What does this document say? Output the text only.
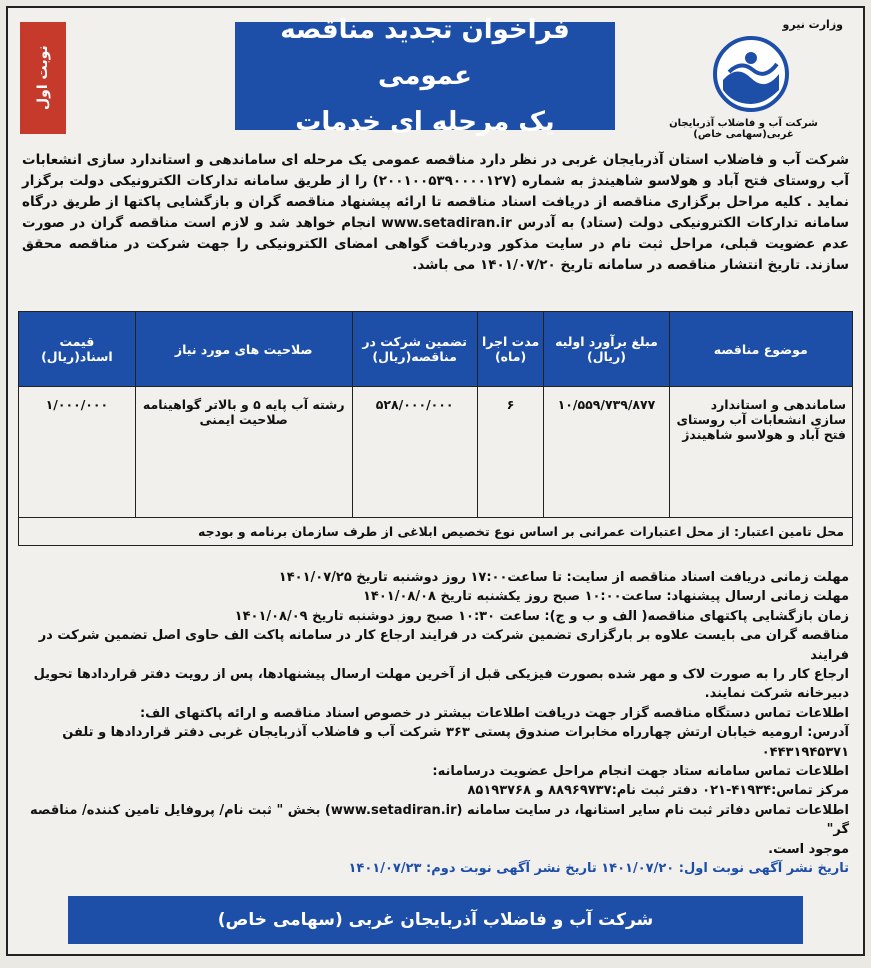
وزارت نیرو
شرکت آب و فاضلاب آذربایجان غربی(سهامی خاص)
فراخوان تجدید مناقصه عمومی
یک مرحله ای خدمات
نوبت اول
شرکت آب و فاضلاب استان آذربایجان غربی در نظر دارد مناقصه عمومی یک مرحله ای ساماندهی و استاندارد سازی انشعابات آب روستای فتح آباد و هولاسو شاهیندژ به شماره (۲۰۰۱۰۰۵۳۹۰۰۰۰۱۲۷) را از طریق سامانه تدارکات الکترونیکی دولت برگزار نماید . کلیه مراحل برگزاری مناقصه از دریافت اسناد مناقصه تا ارائه پیشنهاد مناقصه گران و بازگشایی پاکتها از طریق درگاه سامانه تدارکات الکترونیکی دولت (ستاد) به آدرس www.setadiran.ir انجام خواهد شد و لازم است مناقصه گران در صورت عدم عضویت قبلی، مراحل ثبت نام در سایت مذکور ودریافت گواهی امضای الکترونیکی را جهت شرکت در مناقصه محقق سازند. تاریخ انتشار مناقصه در سامانه تاریخ ۱۴۰۱/۰۷/۲۰ می باشد.
موضوع مناقصه	مبلغ برآورد اولیه (ریال)	مدت اجرا (ماه)	تضمین شرکت در مناقصه(ریال)	صلاحیت های مورد نیاز	قیمت اسناد(ریال)
ساماندهی و استاندارد سازی انشعابات آب روستای فتح آباد و هولاسو شاهیندژ	۱۰/۵۵۹/۷۳۹/۸۷۷	۶	۵۲۸/۰۰۰/۰۰۰	رشته آب پایه ۵ و بالاتر گواهینامه صلاحیت ایمنی	۱/۰۰۰/۰۰۰
محل تامین اعتبار: از محل اعتبارات عمرانی بر اساس نوع تخصیص ابلاغی از طرف سازمان برنامه و بودجه					
مهلت زمانی دریافت اسناد مناقصه از سایت: تا ساعت۱۷:۰۰ روز دوشنبه تاریخ ۱۴۰۱/۰۷/۲۵
مهلت زمانی ارسال پیشنهاد: ساعت۱۰:۰۰ صبح روز یکشنبه تاریخ ۱۴۰۱/۰۸/۰۸
زمان بازگشایی پاکتهای مناقصه( الف و ب و ج): ساعت ۱۰:۳۰ صبح روز دوشنبه تاریخ ۱۴۰۱/۰۸/۰۹
مناقصه گران می بایست علاوه بر بارگزاری تضمین شرکت در فرایند ارجاع کار در سامانه پاکت الف حاوی اصل تضمین شرکت در فرایند
ارجاع کار را به صورت لاک و مهر شده بصورت فیزیکی قبل از آخرین مهلت ارسال پیشنهادها، پس از رویت دفتر قراردادها تحویل
دبیرخانه شرکت نمایند.
اطلاعات تماس دستگاه مناقصه گزار جهت دریافت اطلاعات بیشتر در خصوص اسناد مناقصه و ارائه پاکتهای الف:
آدرس: ارومیه خیابان ارتش چهارراه مخابرات صندوق پستی ۳۶۳ شرکت آب و فاضلاب آذربایجان غربی دفتر قراردادها و تلفن
۰۴۴۳۱۹۴۵۳۷۱
اطلاعات تماس سامانه ستاد جهت انجام مراحل عضویت درسامانه:
مرکز تماس:۴۱۹۳۴-۰۲۱ دفتر ثبت نام:۸۸۹۶۹۷۳۷ و ۸۵۱۹۳۷۶۸
اطلاعات تماس دفاتر ثبت نام سایر استانها، در سایت سامانه (www.setadiran.ir) بخش " ثبت نام/ پروفایل تامین کننده/ مناقصه گر"
موجود است.
تاریخ نشر آگهی نوبت اول: ۱۴۰۱/۰۷/۲۰ تاریخ نشر آگهی نوبت دوم: ۱۴۰۱/۰۷/۲۳
شرکت آب و فاضلاب آذربایجان غربی (سهامی خاص)
